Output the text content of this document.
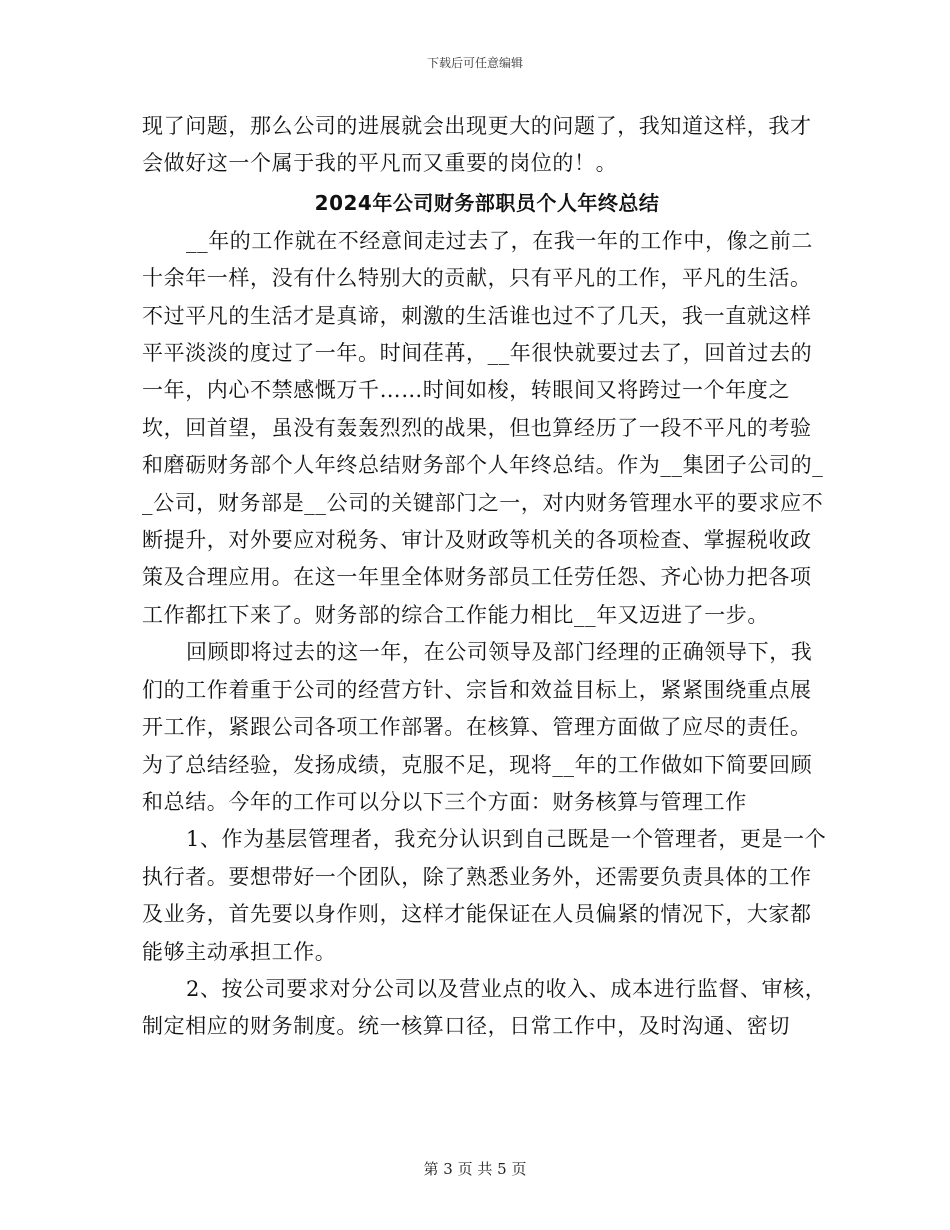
下载后可任意编辑

现了问题，那么公司的进展就会出现更大的问题了，我知道这样，我才会做好这一个属于我的平凡而又重要的岗位的！。

2024年公司财务部职员个人年终总结

__年的工作就在不经意间走过去了，在我一年的工作中，像之前二十余年一样，没有什么特别大的贡献，只有平凡的工作，平凡的生活。不过平凡的生活才是真谛，刺激的生活谁也过不了几天，我一直就这样平平淡淡的度过了一年。时间荏苒，__年很快就要过去了，回首过去的一年，内心不禁感慨万千……时间如梭，转眼间又将跨过一个年度之坎，回首望，虽没有轰轰烈烈的战果，但也算经历了一段不平凡的考验和磨砺财务部个人年终总结财务部个人年终总结。作为__集团子公司的__公司，财务部是__公司的关键部门之一，对内财务管理水平的要求应不断提升，对外要应对税务、审计及财政等机关的各项检查、掌握税收政策及合理应用。在这一年里全体财务部员工任劳任怨、齐心协力把各项工作都扛下来了。财务部的综合工作能力相比__年又迈进了一步。

回顾即将过去的这一年，在公司领导及部门经理的正确领导下，我们的工作着重于公司的经营方针、宗旨和效益目标上，紧紧围绕重点展开工作，紧跟公司各项工作部署。在核算、管理方面做了应尽的责任。为了总结经验，发扬成绩，克服不足，现将__年的工作做如下简要回顾和总结。今年的工作可以分以下三个方面：财务核算与管理工作

1、作为基层管理者，我充分认识到自己既是一个管理者，更是一个执行者。要想带好一个团队，除了熟悉业务外，还需要负责具体的工作及业务，首先要以身作则，这样才能保证在人员偏紧的情况下，大家都能够主动承担工作。

2、按公司要求对分公司以及营业点的收入、成本进行监督、审核，制定相应的财务制度。统一核算口径，日常工作中，及时沟通、密切

第 3 页 共 5 页
